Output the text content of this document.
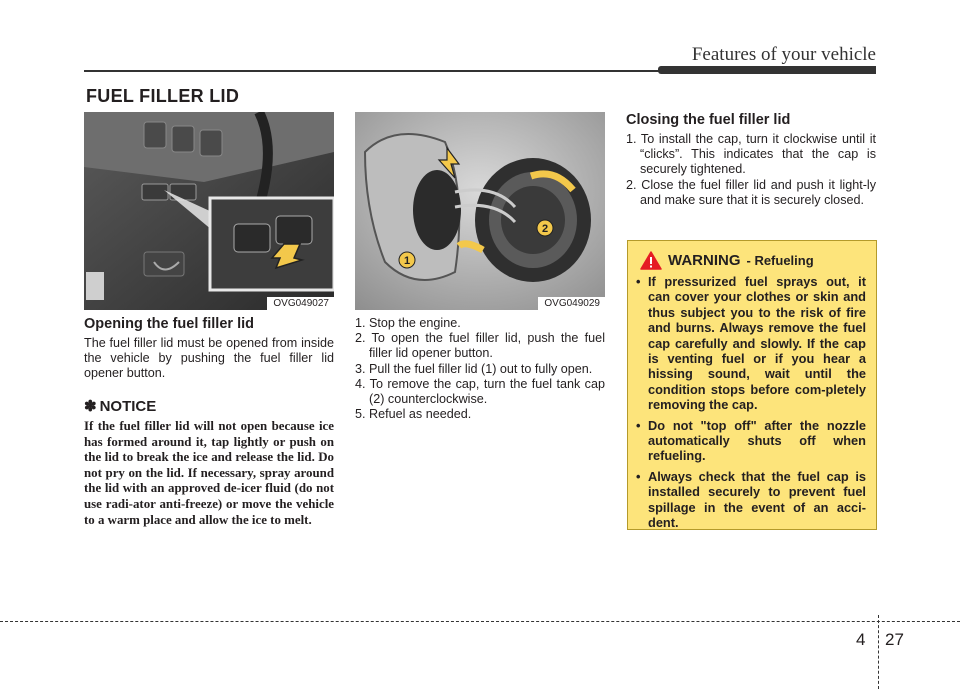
Features of your vehicle
FUEL FILLER LID
OVG049027
Opening the fuel filler lid
The fuel filler lid must be opened from inside the vehicle by pushing the fuel filler lid opener button.
✽ NOTICE
If the fuel filler lid will not open because ice has formed around it, tap lightly or push on the lid to break the ice and release the lid. Do not pry on the lid. If necessary, spray around the lid with an approved de-icer fluid (do not use radi-ator anti-freeze) or move the vehicle to a warm place and allow the ice to melt.
1
2
OVG049029
1. Stop the engine.
2. To open the fuel filler lid, push the fuel filler lid opener button.
3. Pull the fuel filler lid (1) out to fully open.
4. To remove the cap, turn the fuel tank cap (2) counterclockwise.
5. Refuel as needed.
Closing the fuel filler lid
1. To install the cap, turn it clockwise until it “clicks”. This indicates that the cap is securely tightened.
2. Close the fuel filler lid and push it light-ly and make sure that it is securely closed.
WARNING - Refueling
• If pressurized fuel sprays out, it can cover your clothes or skin and thus subject you to the risk of fire and burns. Always remove the fuel cap carefully and slowly. If the cap is venting fuel or if you hear a hissing sound, wait until the condition stops before com-pletely removing the cap.
• Do not "top off" after the nozzle automatically shuts off when refueling.
• Always check that the fuel cap is installed securely to prevent fuel spillage in the event of an acci-dent.
4 27
